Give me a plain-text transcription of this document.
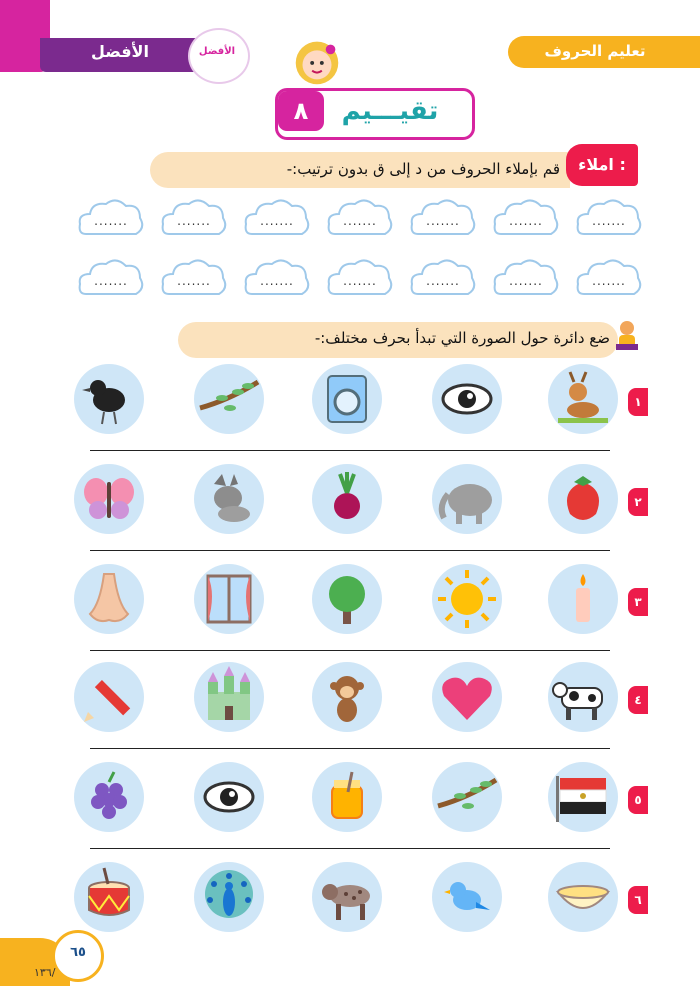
الأفضل	الأفضل	تعليم الحروف
تقيـــيم
٨
قم بإملاء الحروف من د إلى ق بدون ترتيب:-	املاء :
.......	.......	.......	.......	.......	.......	.......
.......	.......	.......	.......	.......	.......	.......
ضع دائرة حول الصورة التي تبدأ بحرف مختلف:-
١
٢
٣
٤
٥
٦
٦٥
١٣٦/
